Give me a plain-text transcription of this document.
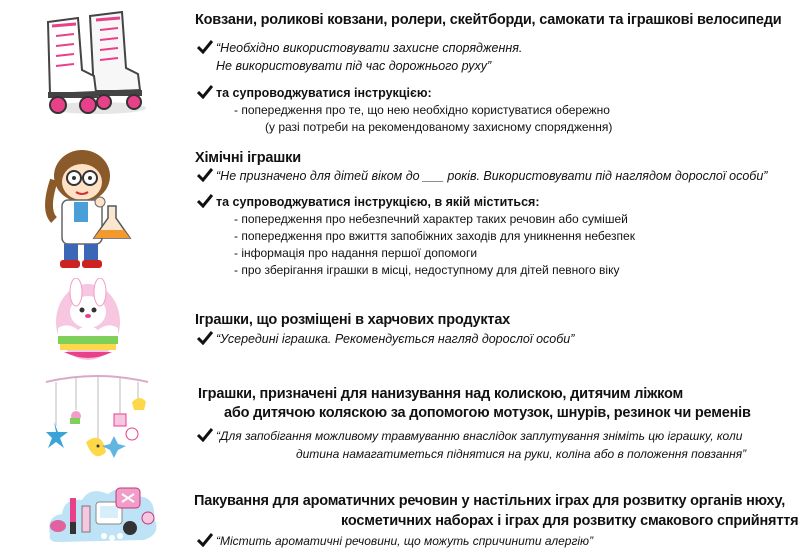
Ковзани, роликові ковзани, ролери, скейтборди, самокати та іграшкові велосипеди
“Необхідно використовувати захисне спорядження.
Не використовувати під час дорожнього руху”
та супроводжуватися інструкцією:
- попередження про те, що нею необхідно користуватися обережно
(у разі потреби на рекомендованому захисному спорядження)
Хімічні іграшки
“Не призначено для дітей віком до ___ років. Використовувати під наглядом дорослої особи”
та супроводжуватися інструкцією, в якій міститься:
- попередження про небезпечний характер таких речовин або сумішей
- попередження про вжиття запобіжних заходів для уникнення небезпек
- інформація про надання першої допомоги
- про зберігання іграшки в місці, недоступному для дітей певного віку
Іграшки, що розміщені в харчових продуктах
“Усередині іграшка. Рекомендується нагляд дорослої особи”
Іграшки, призначені для нанизування над колискою, дитячим ліжком
або дитячою коляскою за допомогою мотузок, шнурів, резинок чи ременів
“Для запобігання можливому травмуванню внаслідок заплутування зніміть цю іграшку, коли
дитина намагатиметься піднятися на руки, коліна або в положення повзання”
Пакування для ароматичних речовин у настільних іграх для розвитку органів нюху,
косметичних наборах і іграх для розвитку смакового сприйняття
“Містить ароматичні речовини, що можуть спричинити алергію”
